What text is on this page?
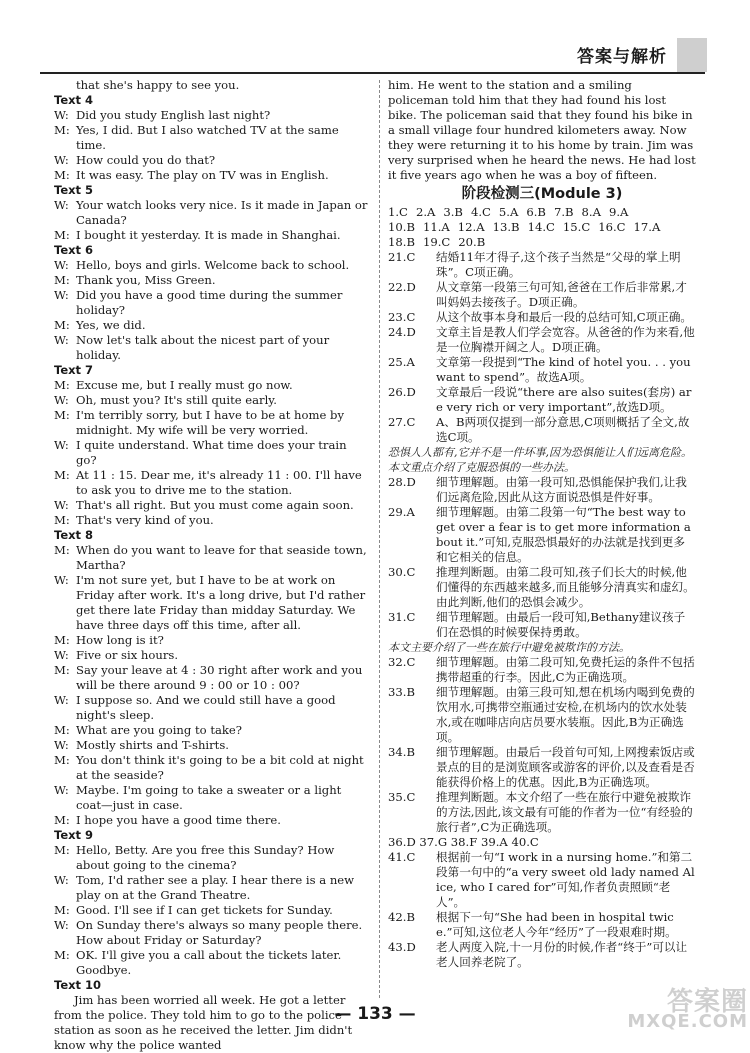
答案与解析
that she's happy to see you.
Text 4
W: Did you study English last night?
M: Yes, I did. But I also watched TV at the same time.
W: How could you do that?
M: It was easy. The play on TV was in English.
Text 5
W: Your watch looks very nice. Is it made in Japan or Canada?
M: I bought it yesterday. It is made in Shanghai.
Text 6
W: Hello, boys and girls. Welcome back to school.
M: Thank you, Miss Green.
W: Did you have a good time during the summer holiday?
M: Yes, we did.
W: Now let's talk about the nicest part of your holiday.
Text 7
M: Excuse me, but I really must go now.
W: Oh, must you? It's still quite early.
M: I'm terribly sorry, but I have to be at home by midnight. My wife will be very worried.
W: I quite understand. What time does your train go?
M: At 11 : 15. Dear me, it's already 11 : 00. I'll have to ask you to drive me to the station.
W: That's all right. But you must come again soon.
M: That's very kind of you.
Text 8
M: When do you want to leave for that seaside town, Martha?
W: I'm not sure yet, but I have to be at work on Friday after work. It's a long drive, but I'd rather get there late Friday than midday Saturday. We have three days off this time, after all.
M: How long is it?
W: Five or six hours.
M: Say your leave at 4 : 30 right after work and you will be there around 9 : 00 or 10 : 00?
W: I suppose so. And we could still have a good night's sleep.
M: What are you going to take?
W: Mostly shirts and T-shirts.
M: You don't think it's going to be a bit cold at night at the seaside?
W: Maybe. I'm going to take a sweater or a light coat—just in case.
M: I hope you have a good time there.
Text 9
M: Hello, Betty. Are you free this Sunday? How about going to the cinema?
W: Tom, I'd rather see a play. I hear there is a new play on at the Grand Theatre.
M: Good. I'll see if I can get tickets for Sunday.
W: On Sunday there's always so many people there. How about Friday or Saturday?
M: OK. I'll give you a call about the tickets later. Goodbye.
Text 10
Jim has been worried all week. He got a letter from the police. They told him to go to the police station as soon as he received the letter. Jim didn't know why the police wanted
him. He went to the station and a smiling policeman told him that they had found his lost bike. The policeman said that they found his bike in a small village four hundred kilometers away. Now they were returning it to his home by train. Jim was very surprised when he heard the news. He had lost it five years ago when he was a boy of fifteen.
阶段检测三(Module 3)
1.C 2.A 3.B 4.C 5.A 6.B 7.B 8.A 9.A
10.B 11.A 12.A 13.B 14.C 15.C 16.C 17.A
18.B 19.C 20.B
21.C	结婚11年才得子,这个孩子当然是“父母的掌上明珠”。C项正确。
22.D	从文章第一段第三句可知,爸爸在工作后非常累,才叫妈妈去接孩子。D项正确。
23.C	从这个故事本身和最后一段的总结可知,C项正确。
24.D	文章主旨是教人们学会宽容。从爸爸的作为来看,他是一位胸襟开阔之人。D项正确。
25.A	文章第一段提到“The kind of hotel you. . . you want to spend”。故选A项。
26.D	文章最后一段说“there are also suites(套房) are very rich or very important”,故选D项。
27.C	A、B两项仅提到一部分意思,C项则概括了全文,故选C项。
恐惧人人都有,它并不是一件坏事,因为恐惧能让人们远离危险。本文重点介绍了克服恐惧的一些办法。
28.D	细节理解题。由第一段可知,恐惧能保护我们,让我们远离危险,因此从这方面说恐惧是件好事。
29.A	细节理解题。由第二段第一句“The best way to get over a fear is to get more information about it.”可知,克服恐惧最好的办法就是找到更多和它相关的信息。
30.C	推理判断题。由第二段可知,孩子们长大的时候,他们懂得的东西越来越多,而且能够分清真实和虚幻。由此判断,他们的恐惧会减少。
31.C	细节理解题。由最后一段可知,Bethany建议孩子们在恐惧的时候要保持勇敢。
本文主要介绍了一些在旅行中避免被欺诈的方法。
32.C	细节理解题。由第二段可知,免费托运的条件不包括携带超重的行李。因此,C为正确选项。
33.B	细节理解题。由第三段可知,想在机场内喝到免费的饮用水,可携带空瓶通过安检,在机场内的饮水处装水,或在咖啡店向店员要水装瓶。因此,B为正确选项。
34.B	细节理解题。由最后一段首句可知,上网搜索饭店或景点的目的是浏览顾客或游客的评价,以及查看是否能获得价格上的优惠。因此,B为正确选项。
35.C	推理判断题。本文介绍了一些在旅行中避免被欺诈的方法,因此,该文最有可能的作者为一位“有经验的旅行者”,C为正确选项。
36.D 37.G 38.F 39.A 40.C
41.C	根据前一句“I work in a nursing home.”和第二段第一句中的“a very sweet old lady named Alice, who I cared for”可知,作者负责照顾“老人”。
42.B	根据下一句“She had been in hospital twice.”可知,这位老人今年“经历”了一段艰难时期。
43.D	老人两度入院,十一月份的时候,作者“终于”可以让老人回养老院了。
— 133 —	答案圈
MXQE.COM
